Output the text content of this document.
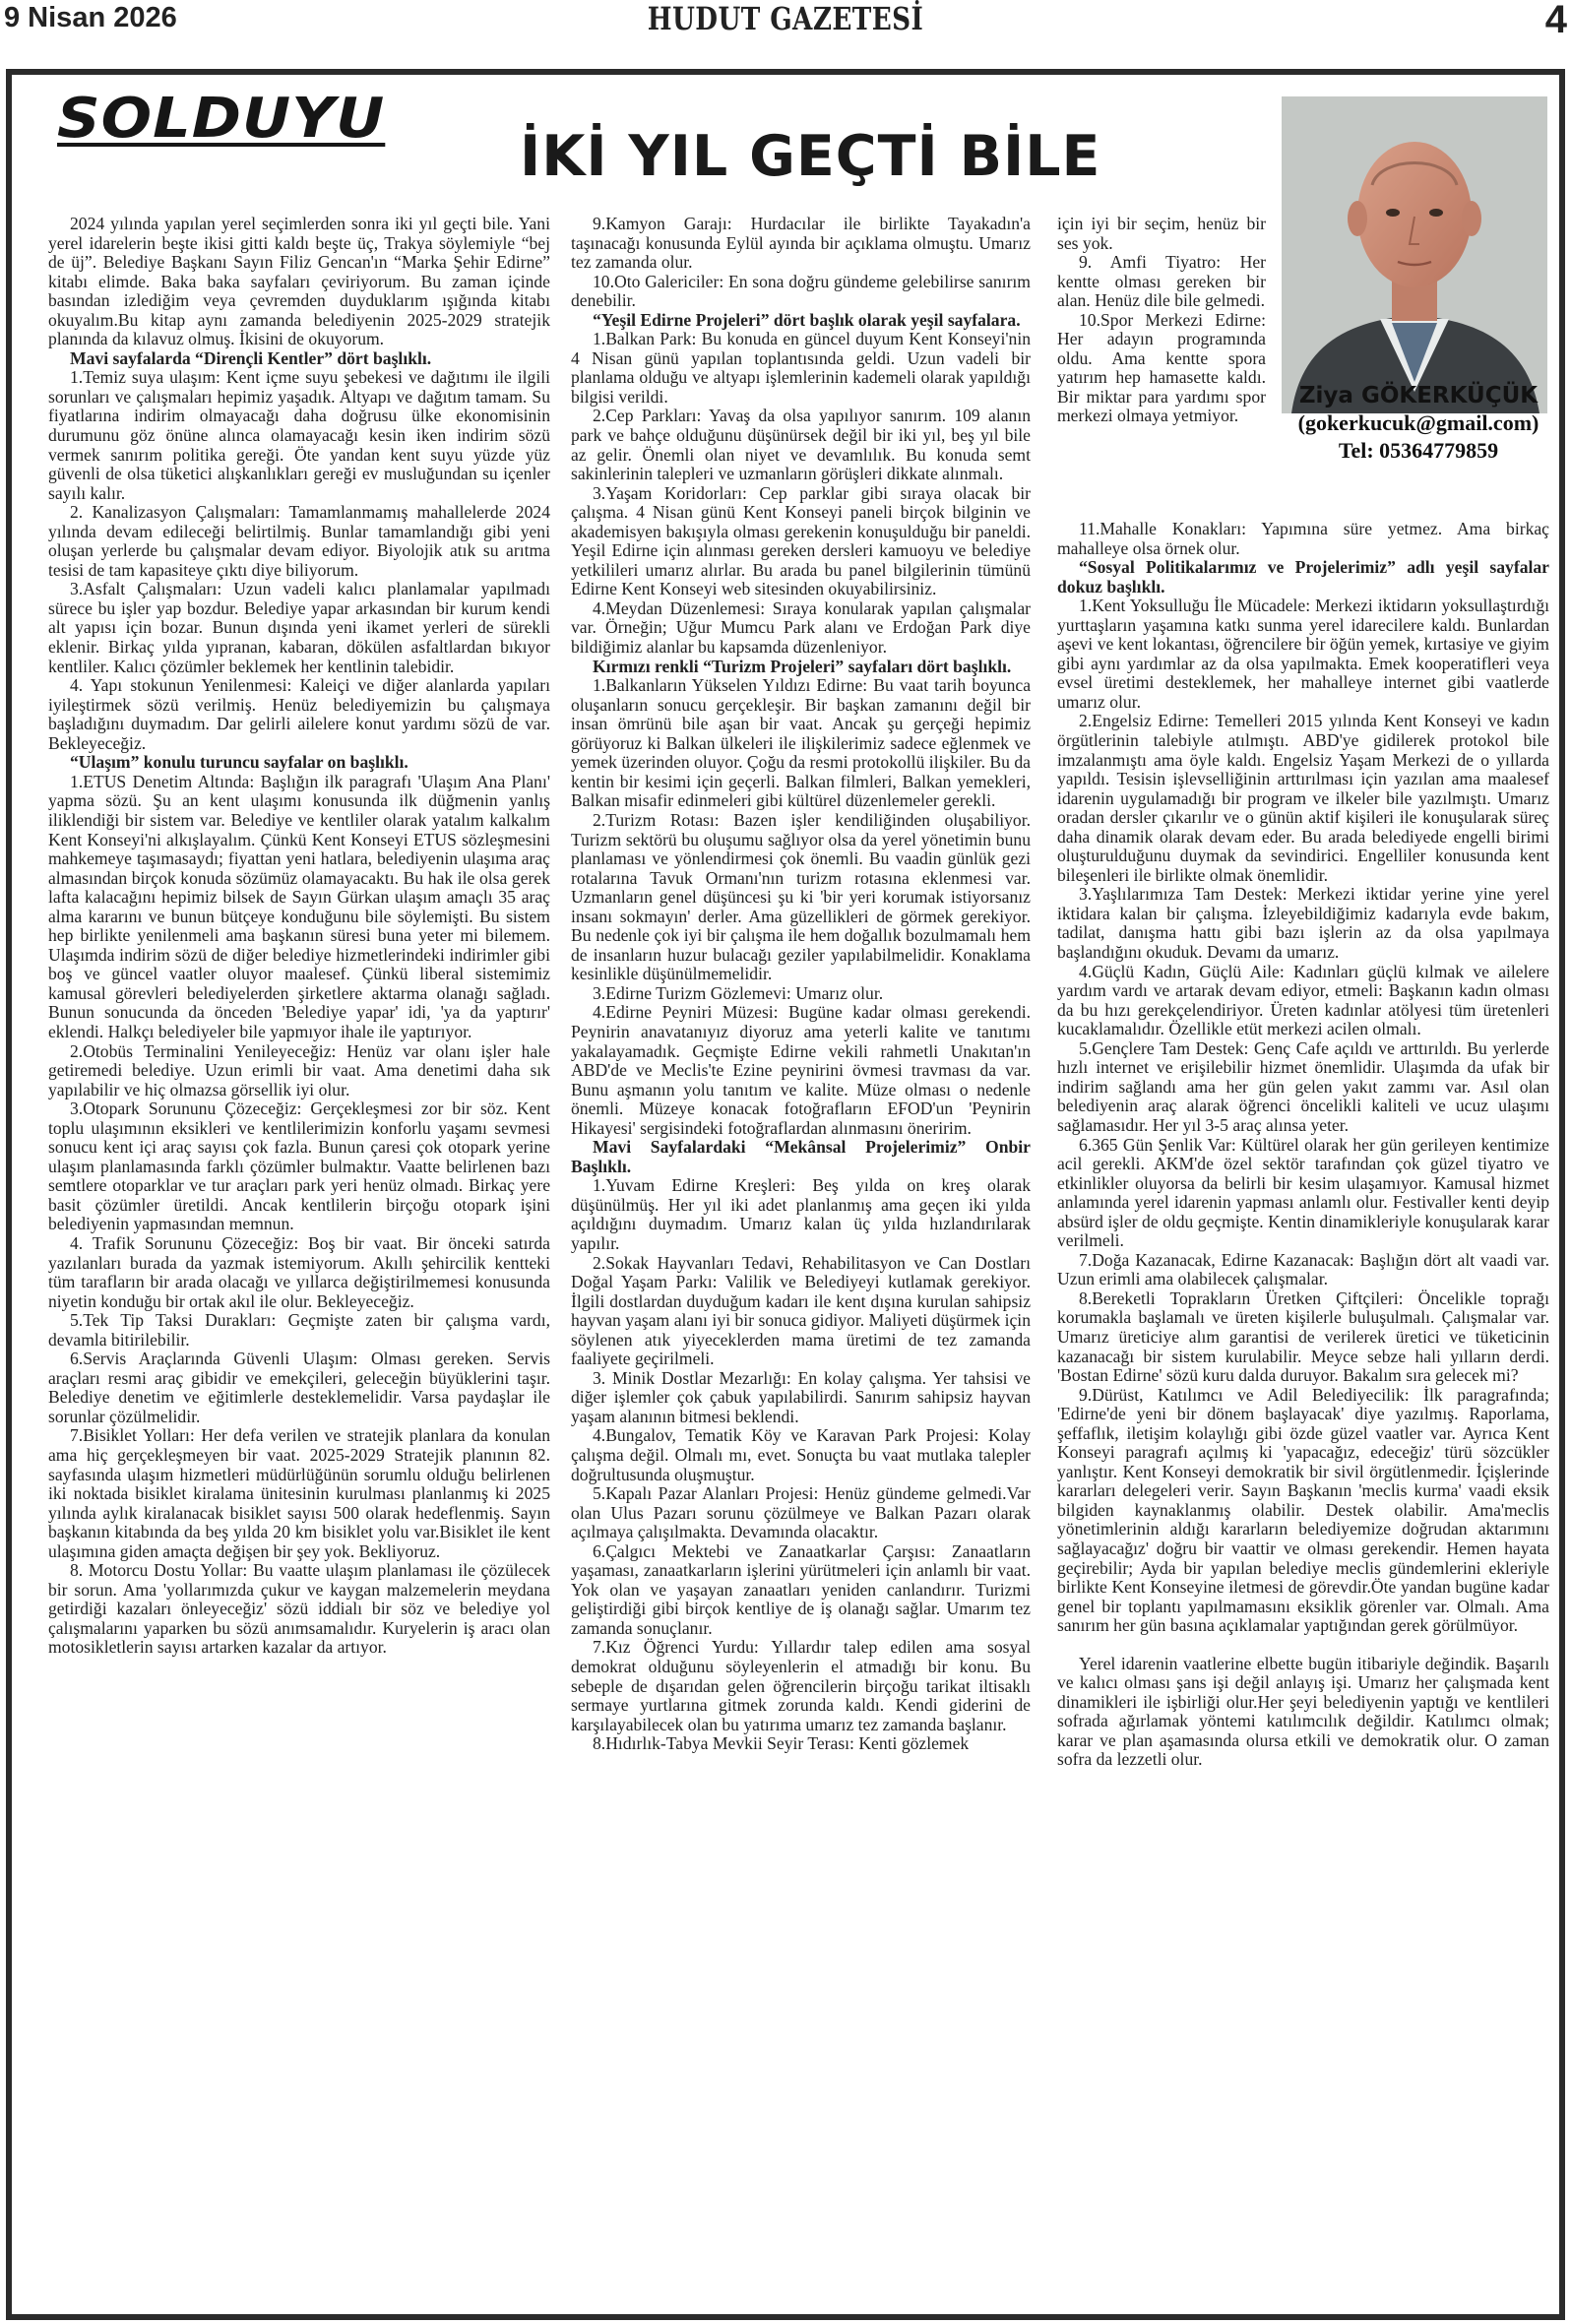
9 Nisan 2026	HUDUT GAZETESİ	4
SOLDUYU
İKİ YIL GEÇTİ BİLE
Ziya GÖKERKÜÇÜK
(gokerkucuk@gmail.com)
Tel: 05364779859

2024 yılında yapılan yerel seçimlerden sonra iki yıl geçti bile. Yani yerel idarelerin beşte ikisi gitti kaldı beşte üç, Trakya söylemiyle “bej de üj”. Belediye Başkanı Sayın Filiz Gencan'ın “Marka Şehir Edirne” kitabı elimde. Baka baka sayfaları çeviriyorum. Bu zaman içinde basından izlediğim veya çevremden duyduklarım ışığında kitabı okuyalım.Bu kitap aynı zamanda belediyenin 2025-2029 stratejik planında da kılavuz olmuş. İkisini de okuyorum.

Mavi sayfalarda “Dirençli Kentler” dört başlıklı.

1.Temiz suya ulaşım: Kent içme suyu şebekesi ve dağıtımı ile ilgili sorunları ve çalışmaları hepimiz yaşadık. Altyapı ve dağıtım tamam. Su fiyatlarına indirim olmayacağı daha doğrusu ülke ekonomisinin durumunu göz önüne alınca olamayacağı kesin iken indirim sözü vermek sanırım politika gereği. Öte yandan kent suyu yüzde yüz güvenli de olsa tüketici alışkanlıkları gereği ev musluğundan su içenler sayılı kalır.

2. Kanalizasyon Çalışmaları: Tamamlanmamış mahallelerde 2024 yılında devam edileceği belirtilmiş. Bunlar tamamlandığı gibi yeni oluşan yerlerde bu çalışmalar devam ediyor. Biyolojik atık su arıtma tesisi de tam kapasiteye çıktı diye biliyorum.

3.Asfalt Çalışmaları: Uzun vadeli kalıcı planlamalar yapılmadı sürece bu işler yap bozdur. Belediye yapar arkasından bir kurum kendi alt yapısı için bozar. Bunun dışında yeni ikamet yerleri de sürekli eklenir. Birkaç yılda yıpranan, kabaran, dökülen asfaltlardan bıkıyor kentliler. Kalıcı çözümler beklemek her kentlinin talebidir.

4. Yapı stokunun Yenilenmesi: Kaleiçi ve diğer alanlarda yapıları iyileştirmek sözü verilmiş. Henüz belediyemizin bu çalışmaya başladığını duymadım. Dar gelirli ailelere konut yardımı sözü de var. Bekleyeceğiz.

“Ulaşım” konulu turuncu sayfalar on başlıklı.

1.ETUS Denetim Altında: Başlığın ilk paragrafı 'Ulaşım Ana Planı' yapma sözü. Şu an kent ulaşımı konusunda ilk düğmenin yanlış iliklendiği bir sistem var. Belediye ve kentliler olarak yatalım kalkalım Kent Konseyi'ni alkışlayalım. Çünkü Kent Konseyi ETUS sözleşmesini mahkemeye taşımasaydı; fiyattan yeni hatlara, belediyenin ulaşıma araç almasından birçok konuda sözümüz olamayacaktı. Bu hak ile olsa gerek lafta kalacağını hepimiz bilsek de Sayın Gürkan ulaşım amaçlı 35 araç alma kararını ve bunun bütçeye konduğunu bile söylemişti. Bu sistem hep birlikte yenilenmeli ama başkanın süresi buna yeter mi bilemem. Ulaşımda indirim sözü de diğer belediye hizmetlerindeki indirimler gibi boş ve güncel vaatler oluyor maalesef. Çünkü liberal sistemimiz kamusal görevleri belediyelerden şirketlere aktarma olanağı sağladı. Bunun sonucunda da önceden 'Belediye yapar' idi, 'ya da yaptırır' eklendi. Halkçı belediyeler bile yapmıyor ihale ile yaptırıyor.

2.Otobüs Terminalini Yenileyeceğiz: Henüz var olanı işler hale getiremedi belediye. Uzun erimli bir vaat. Ama denetimi daha sık yapılabilir ve hiç olmazsa görsellik iyi olur.

3.Otopark Sorununu Çözeceğiz: Gerçekleşmesi zor bir söz. Kent toplu ulaşımının eksikleri ve kentlilerimizin konforlu yaşamı sevmesi sonucu kent içi araç sayısı çok fazla. Bunun çaresi çok otopark yerine ulaşım planlamasında farklı çözümler bulmaktır. Vaatte belirlenen bazı semtlere otoparklar ve tur araçları park yeri henüz olmadı. Birkaç yere basit çözümler üretildi. Ancak kentlilerin birçoğu otopark işini belediyenin yapmasından memnun.

4. Trafik Sorununu Çözeceğiz: Boş bir vaat. Bir önceki satırda yazılanları burada da yazmak istemiyorum. Akıllı şehircilik kentteki tüm tarafların bir arada olacağı ve yıllarca değiştirilmemesi konusunda niyetin konduğu bir ortak akıl ile olur. Bekleyeceğiz.

5.Tek Tip Taksi Durakları: Geçmişte zaten bir çalışma vardı, devamla bitirilebilir.

6.Servis Araçlarında Güvenli Ulaşım: Olması gereken. Servis araçları resmi araç gibidir ve emekçileri, geleceğin büyüklerini taşır. Belediye denetim ve eğitimlerle desteklemelidir. Varsa paydaşlar ile sorunlar çözülmelidir.

7.Bisiklet Yolları: Her defa verilen ve stratejik planlara da konulan ama hiç gerçekleşmeyen bir vaat. 2025-2029 Stratejik planının 82. sayfasında ulaşım hizmetleri müdürlüğünün sorumlu olduğu belirlenen iki noktada bisiklet kiralama ünitesinin kurulması planlanmış ki 2025 yılında aylık kiralanacak bisiklet sayısı 500 olarak hedeflenmiş. Sayın başkanın kitabında da beş yılda 20 km bisiklet yolu var.Bisiklet ile kent ulaşımına giden amaçta değişen bir şey yok. Bekliyoruz.

8. Motorcu Dostu Yollar: Bu vaatte ulaşım planlaması ile çözülecek bir sorun. Ama 'yollarımızda çukur ve kaygan malzemelerin meydana getirdiği kazaları önleyeceğiz' sözü iddialı bir söz ve belediye yol çalışmalarını yaparken bu sözü anımsamalıdır. Kuryelerin iş aracı olan motosikletlerin sayısı artarken kazalar da artıyor.

9.Kamyon Garajı: Hurdacılar ile birlikte Tayakadın'a taşınacağı konusunda Eylül ayında bir açıklama olmuştu. Umarız tez zamanda olur.

10.Oto Galericiler: En sona doğru gündeme gelebilirse sanırım denebilir.

“Yeşil Edirne Projeleri” dört başlık olarak yeşil sayfalara.

1.Balkan Park: Bu konuda en güncel duyum Kent Konseyi'nin 4 Nisan günü yapılan toplantısında geldi. Uzun vadeli bir planlama olduğu ve altyapı işlemlerinin kademeli olarak yapıldığı bilgisi verildi.

2.Cep Parkları: Yavaş da olsa yapılıyor sanırım. 109 alanın park ve bahçe olduğunu düşünürsek değil bir iki yıl, beş yıl bile az gelir. Önemli olan niyet ve devamlılık. Bu konuda semt sakinlerinin talepleri ve uzmanların görüşleri dikkate alınmalı.

3.Yaşam Koridorları: Cep parklar gibi sıraya olacak bir çalışma. 4 Nisan günü Kent Konseyi paneli birçok bilginin ve akademisyen bakışıyla olması gerekenin konuşulduğu bir paneldi. Yeşil Edirne için alınması gereken dersleri kamuoyu ve belediye yetkilileri umarız alırlar. Bu arada bu panel bilgilerinin tümünü Edirne Kent Konseyi web sitesinden okuyabilirsiniz.

4.Meydan Düzenlemesi: Sıraya konularak yapılan çalışmalar var. Örneğin; Uğur Mumcu Park alanı ve Erdoğan Park diye bildiğimiz alanlar bu kapsamda düzenleniyor.

Kırmızı renkli “Turizm Projeleri” sayfaları dört başlıklı.

1.Balkanların Yükselen Yıldızı Edirne: Bu vaat tarih boyunca oluşanların sonucu gerçekleşir. Bir başkan zamanını değil bir insan ömrünü bile aşan bir vaat. Ancak şu gerçeği hepimiz görüyoruz ki Balkan ülkeleri ile ilişkilerimiz sadece eğlenmek ve yemek üzerinden oluyor. Çoğu da resmi protokollü ilişkiler. Bu da kentin bir kesimi için geçerli. Balkan filmleri, Balkan yemekleri, Balkan misafir edinmeleri gibi kültürel düzenlemeler gerekli.

2.Turizm Rotası: Bazen işler kendiliğinden oluşabiliyor. Turizm sektörü bu oluşumu sağlıyor olsa da yerel yönetimin bunu planlaması ve yönlendirmesi çok önemli. Bu vaadin günlük gezi rotalarına Tavuk Ormanı'nın turizm rotasına eklenmesi var. Uzmanların genel düşüncesi şu ki 'bir yeri korumak istiyorsanız insanı sokmayın' derler. Ama güzellikleri de görmek gerekiyor. Bu nedenle çok iyi bir çalışma ile hem doğallık bozulmamalı hem de insanların huzur bulacağı geziler yapılabilmelidir. Konaklama kesinlikle düşünülmemelidir.

3.Edirne Turizm Gözlemevi: Umarız olur.

4.Edirne Peyniri Müzesi: Bugüne kadar olması gerekendi. Peynirin anavatanıyız diyoruz ama yeterli kalite ve tanıtımı yakalayamadık. Geçmişte Edirne vekili rahmetli Unakıtan'ın ABD'de ve Meclis'te Ezine peynirini övmesi travması da var. Bunu aşmanın yolu tanıtım ve kalite. Müze olması o nedenle önemli. Müzeye konacak fotoğrafların EFOD'un 'Peynirin Hikayesi' sergisindeki fotoğraflardan alınmasını öneririm.

Mavi Sayfalardaki “Mekânsal Projelerimiz” Onbir Başlıklı.

1.Yuvam Edirne Kreşleri: Beş yılda on kreş olarak düşünülmüş. Her yıl iki adet planlanmış ama geçen iki yılda açıldığını duymadım. Umarız kalan üç yılda hızlandırılarak yapılır.

2.Sokak Hayvanları Tedavi, Rehabilitasyon ve Can Dostları Doğal Yaşam Parkı: Valilik ve Belediyeyi kutlamak gerekiyor. İlgili dostlardan duyduğum kadarı ile kent dışına kurulan sahipsiz hayvan yaşam alanı iyi bir sonuca gidiyor. Maliyeti düşürmek için söylenen atık yiyeceklerden mama üretimi de tez zamanda faaliyete geçirilmeli.

3. Minik Dostlar Mezarlığı: En kolay çalışma. Yer tahsisi ve diğer işlemler çok çabuk yapılabilirdi. Sanırım sahipsiz hayvan yaşam alanının bitmesi beklendi.

4.Bungalov, Tematik Köy ve Karavan Park Projesi: Kolay çalışma değil. Olmalı mı, evet. Sonuçta bu vaat mutlaka talepler doğrultusunda oluşmuştur.

5.Kapalı Pazar Alanları Projesi: Henüz gündeme gelmedi.Var olan Ulus Pazarı sorunu çözülmeye ve Balkan Pazarı olarak açılmaya çalışılmakta. Devamında olacaktır.

6.Çalgıcı Mektebi ve Zanaatkarlar Çarşısı: Zanaatların yaşaması, zanaatkarların işlerini yürütmeleri için anlamlı bir vaat. Yok olan ve yaşayan zanaatları yeniden canlandırır. Turizmi geliştirdiği gibi birçok kentliye de iş olanağı sağlar. Umarım tez zamanda sonuçlanır.

7.Kız Öğrenci Yurdu: Yıllardır talep edilen ama sosyal demokrat olduğunu söyleyenlerin el atmadığı bir konu. Bu sebeple de dışarıdan gelen öğrencilerin birçoğu tarikat iltisaklı sermaye yurtlarına gitmek zorunda kaldı. Kendi giderini de karşılayabilecek olan bu yatırıma umarız tez zamanda başlanır.

8.Hıdırlık-Tabya Mevkii Seyir Terası: Kenti gözlemek

için iyi bir seçim, henüz bir ses yok.

9. Amfi Tiyatro: Her kentte olması gereken bir alan. Henüz dile bile gelmedi.

10.Spor Merkezi Edirne: Her adayın programında oldu. Ama kentte spora yatırım hep hamasette kaldı. Bir miktar para yardımı spor merkezi olmaya yetmiyor.

11.Mahalle Konakları: Yapımına süre yetmez. Ama birkaç mahalleye olsa örnek olur.

“Sosyal Politikalarımız ve Projelerimiz” adlı yeşil sayfalar dokuz başlıklı.

1.Kent Yoksulluğu İle Mücadele: Merkezi iktidarın yoksullaştırdığı yurttaşların yaşamına katkı sunma yerel idarecilere kaldı. Bunlardan aşevi ve kent lokantası, öğrencilere bir öğün yemek, kırtasiye ve giyim gibi aynı yardımlar az da olsa yapılmakta. Emek kooperatifleri veya evsel üretimi desteklemek, her mahalleye internet gibi vaatlerde umarız olur.

2.Engelsiz Edirne: Temelleri 2015 yılında Kent Konseyi ve kadın örgütlerinin talebiyle atılmıştı. ABD'ye gidilerek protokol bile imzalanmıştı ama öyle kaldı. Engelsiz Yaşam Merkezi de o yıllarda yapıldı. Tesisin işlevselliğinin arttırılması için yazılan ama maalesef idarenin uygulamadığı bir program ve ilkeler bile yazılmıştı. Umarız oradan dersler çıkarılır ve o günün aktif kişileri ile konuşularak süreç daha dinamik olarak devam eder. Bu arada belediyede engelli birimi oluşturulduğunu duymak da sevindirici. Engelliler konusunda kent bileşenleri ile birlikte olmak önemlidir.

3.Yaşlılarımıza Tam Destek: Merkezi iktidar yerine yine yerel iktidara kalan bir çalışma. İzleyebildiğimiz kadarıyla evde bakım, tadilat, danışma hattı gibi bazı işlerin az da olsa yapılmaya başlandığını okuduk. Devamı da umarız.

4.Güçlü Kadın, Güçlü Aile: Kadınları güçlü kılmak ve ailelere yardım vardı ve artarak devam ediyor, etmeli: Başkanın kadın olması da bu hızı gerekçelendiriyor. Üreten kadınlar atölyesi tüm üretenleri kucaklamalıdır. Özellikle etüt merkezi acilen olmalı.

5.Gençlere Tam Destek: Genç Cafe açıldı ve arttırıldı. Bu yerlerde hızlı internet ve erişilebilir hizmet önemlidir. Ulaşımda da ufak bir indirim sağlandı ama her gün gelen yakıt zammı var. Asıl olan belediyenin araç alarak öğrenci öncelikli kaliteli ve ucuz ulaşımı sağlamasıdır. Her yıl 3-5 araç alınsa yeter.

6.365 Gün Şenlik Var: Kültürel olarak her gün gerileyen kentimize acil gerekli. AKM'de özel sektör tarafından çok güzel tiyatro ve etkinlikler oluyorsa da belirli bir kesim ulaşamıyor. Kamusal hizmet anlamında yerel idarenin yapması anlamlı olur. Festivaller kenti deyip absürd işler de oldu geçmişte. Kentin dinamikleriyle konuşularak karar verilmeli.

7.Doğa Kazanacak, Edirne Kazanacak: Başlığın dört alt vaadi var. Uzun erimli ama olabilecek çalışmalar.

8.Bereketli Toprakların Üretken Çiftçileri: Öncelikle toprağı korumakla başlamalı ve üreten kişilerle buluşulmalı. Çalışmalar var. Umarız üreticiye alım garantisi de verilerek üretici ve tüketicinin kazanacağı bir sistem kurulabilir. Meyce sebze hali yılların derdi. 'Bostan Edirne' sözü kuru dalda duruyor. Bakalım sıra gelecek mi?

9.Dürüst, Katılımcı ve Adil Belediyecilik: İlk paragrafında; 'Edirne'de yeni bir dönem başlayacak' diye yazılmış. Raporlama, şeffaflık, iletişim kolaylığı gibi özde güzel vaatler var. Ayrıca Kent Konseyi paragrafı açılmış ki 'yapacağız, edeceğiz' türü sözcükler yanlıştır. Kent Konseyi demokratik bir sivil örgütlenmedir. İçişlerinde kararları delegeleri verir. Sayın Başkanın 'meclis kurma' vaadi eksik bilgiden kaynaklanmış olabilir. Destek olabilir. Ama'meclis yönetimlerinin aldığı kararların belediyemize doğrudan aktarımını sağlayacağız' doğru bir vaattir ve olması gerekendir. Hemen hayata geçirebilir; Ayda bir yapılan belediye meclis gündemlerini ekleriyle birlikte Kent Konseyine iletmesi de görevdir.Öte yandan bugüne kadar genel bir toplantı yapılmamasını eksiklik görenler var. Olmalı. Ama sanırım her gün basına açıklamalar yaptığından gerek görülmüyor.

Yerel idarenin vaatlerine elbette bugün itibariyle değindik. Başarılı ve kalıcı olması şans işi değil anlayış işi. Umarız her çalışmada kent dinamikleri ile işbirliği olur.Her şeyi belediyenin yaptığı ve kentlileri sofrada ağırlamak yöntemi katılımcılık değildir. Katılımcı olmak; karar ve plan aşamasında olursa etkili ve demokratik olur. O zaman sofra da lezzetli olur.
